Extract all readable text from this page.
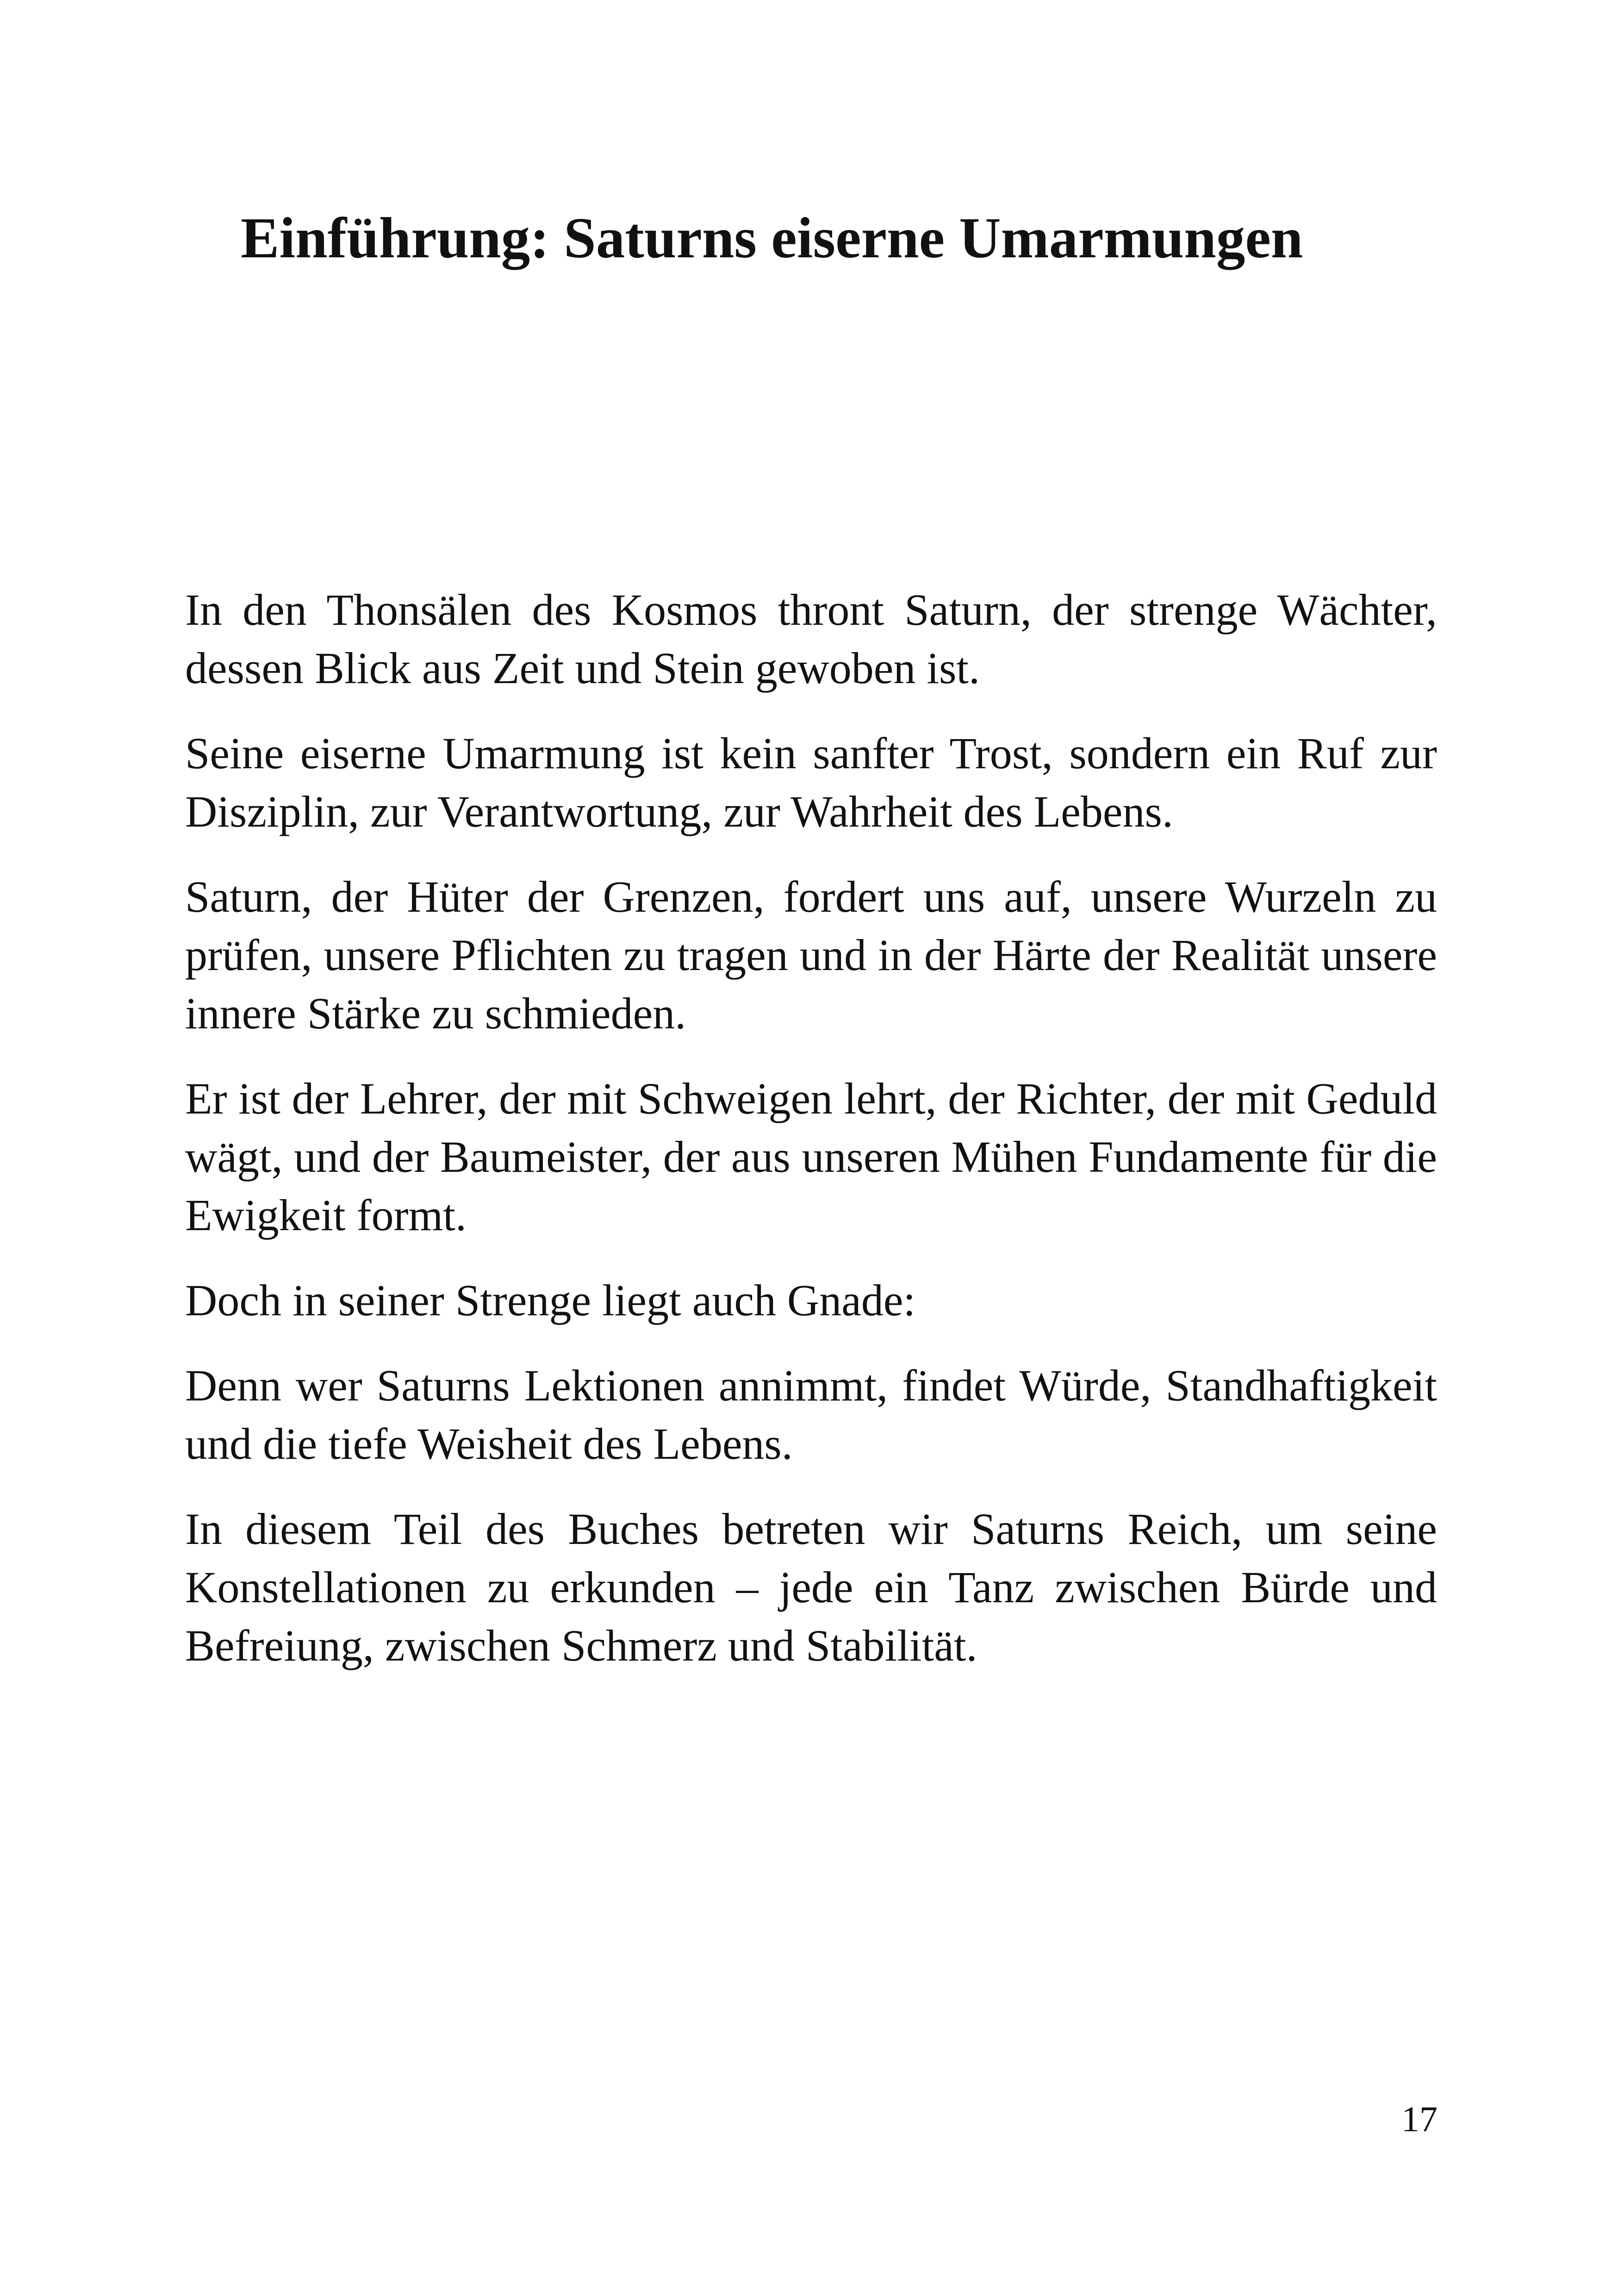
Einführung: Saturns eiserne Umarmungen

In den Thonsälen des Kosmos thront Saturn, der strenge Wächter, dessen Blick aus Zeit und Stein gewoben ist.

Seine eiserne Umarmung ist kein sanfter Trost, sondern ein Ruf zur Disziplin, zur Verantwortung, zur Wahrheit des Lebens.

Saturn, der Hüter der Grenzen, fordert uns auf, unsere Wurzeln zu prüfen, unsere Pflichten zu tragen und in der Härte der Realität unsere innere Stärke zu schmieden.

Er ist der Lehrer, der mit Schweigen lehrt, der Richter, der mit Geduld wägt, und der Baumeister, der aus unseren Mühen Fundamente für die Ewigkeit formt.

Doch in seiner Strenge liegt auch Gnade:

Denn wer Saturns Lektionen annimmt, findet Würde, Standhaftigkeit und die tiefe Weisheit des Lebens.

In diesem Teil des Buches betreten wir Saturns Reich, um seine Konstellationen zu erkunden – jede ein Tanz zwischen Bürde und Befreiung, zwischen Schmerz und Stabilität.

17
